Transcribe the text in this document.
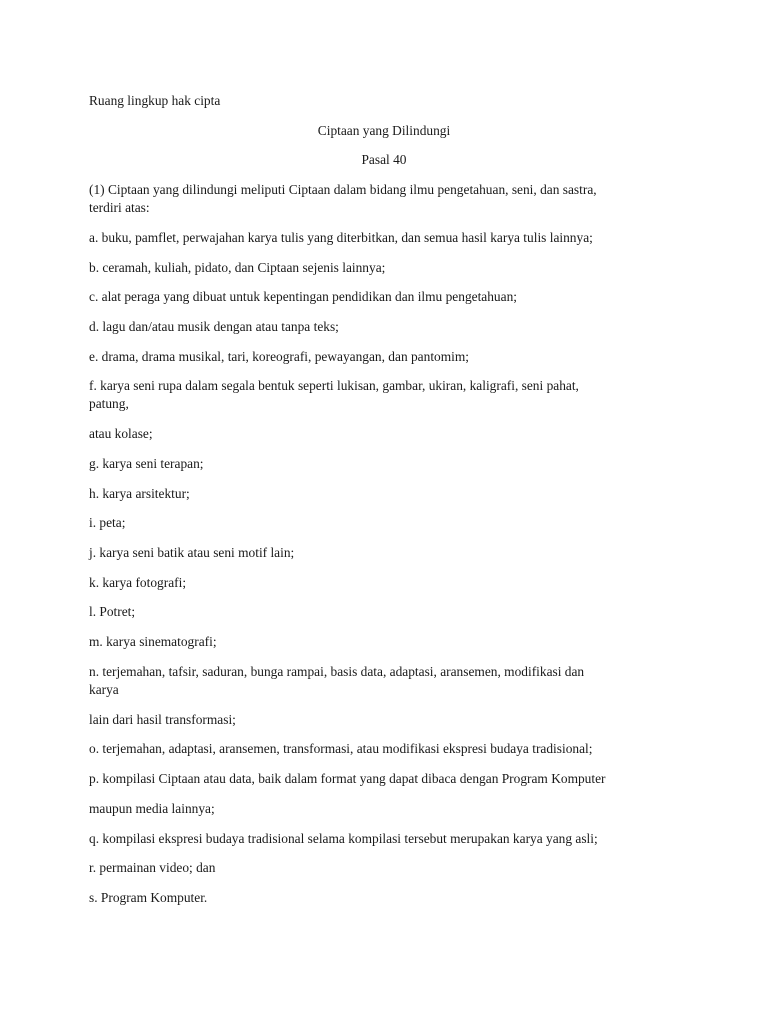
Ruang lingkup hak cipta
Ciptaan yang Dilindungi
Pasal 40
(1) Ciptaan yang dilindungi meliputi Ciptaan dalam bidang ilmu pengetahuan, seni, dan sastra,
terdiri atas:
a. buku, pamflet, perwajahan karya tulis yang diterbitkan, dan semua hasil karya tulis lainnya;
b. ceramah, kuliah, pidato, dan Ciptaan sejenis lainnya;
c. alat peraga yang dibuat untuk kepentingan pendidikan dan ilmu pengetahuan;
d. lagu dan/atau musik dengan atau tanpa teks;
e. drama, drama musikal, tari, koreografi, pewayangan, dan pantomim;
f. karya seni rupa dalam segala bentuk seperti lukisan, gambar, ukiran, kaligrafi, seni pahat,
patung,
atau kolase;
g. karya seni terapan;
h. karya arsitektur;
i. peta;
j. karya seni batik atau seni motif lain;
k. karya fotografi;
l. Potret;
m. karya sinematografi;
n. terjemahan, tafsir, saduran, bunga rampai, basis data, adaptasi, aransemen, modifikasi dan
karya
lain dari hasil transformasi;
o. terjemahan, adaptasi, aransemen, transformasi, atau modifikasi ekspresi budaya tradisional;
p. kompilasi Ciptaan atau data, baik dalam format yang dapat dibaca dengan Program Komputer
maupun media lainnya;
q. kompilasi ekspresi budaya tradisional selama kompilasi tersebut merupakan karya yang asli;
r. permainan video; dan
s. Program Komputer.
